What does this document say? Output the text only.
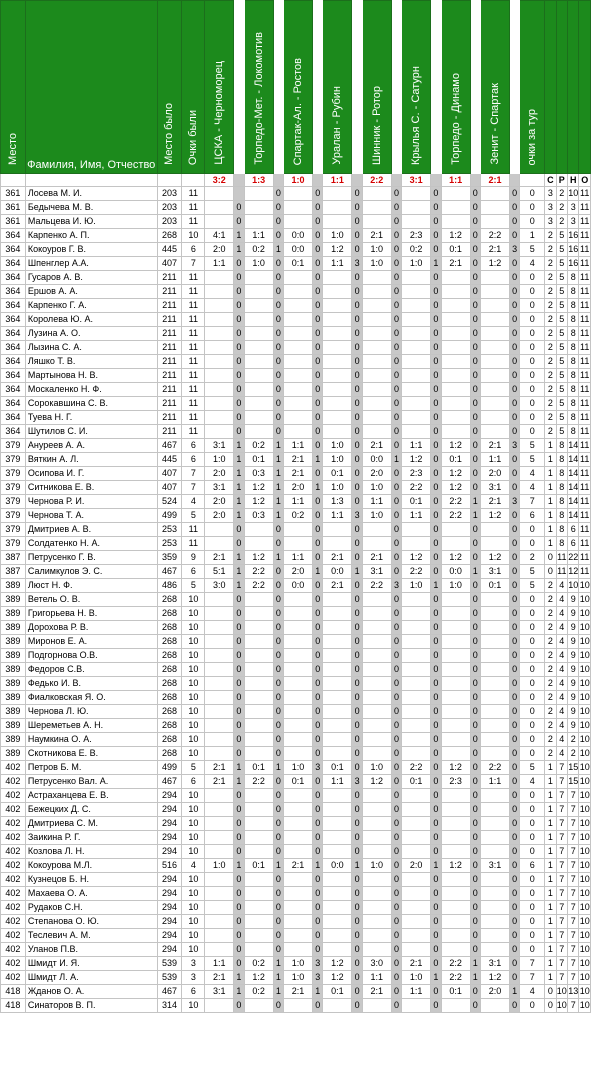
Место	Фамилия, Имя, Отчество	Место было	Очки были	ЦСКА - Черноморец		Торпедо-Мет. - Локомотив		Спартак-Ал. - Ростов		Уралан - Рубин		Шинник - Ротор		Крылья С. - Сатурн		Торпедо - Динамо		Зенит - Спартак		очки за тур				
				3:2		1:3		1:0		1:1		2:2		3:1		1:1		2:1			С	Р	Н	О
361	Лосева М. И.	203	11				0		0		0		0		0		0		0	0	3	2	10	11
361	Бедычева М. В.	203	11		0		0		0		0		0		0		0		0	0	3	2	3	11
361	Мальцева И. Ю.	203	11		0		0		0		0		0		0		0		0	0	3	2	3	11
364	Карпенко А. П.	268	10	4:1	1	1:1	0	0:0	0	1:0	0	2:1	0	2:3	0	1:2	0	2:2	0	1	2	5	16	11
364	Кокоуров Г. В.	445	6	2:0	1	0:2	1	0:0	0	1:2	0	1:0	0	0:2	0	0:1	0	2:1	3	5	2	5	16	11
364	Шпенглер А.А.	407	7	1:1	0	1:0	0	0:1	0	1:1	3	1:0	0	1:0	1	2:1	0	1:2	0	4	2	5	16	11
364	Гусаров А. В.	211	11		0		0		0		0		0		0		0		0	0	2	5	8	11
364	Ершов А. А.	211	11		0		0		0		0		0		0		0		0	0	2	5	8	11
364	Карпенко Г. А.	211	11		0		0		0		0		0		0		0		0	0	2	5	8	11
364	Королева Ю. А.	211	11		0		0		0		0		0		0		0		0	0	2	5	8	11
364	Лузина А. О.	211	11		0		0		0		0		0		0		0		0	0	2	5	8	11
364	Лызина С. А.	211	11		0		0		0		0		0		0		0		0	0	2	5	8	11
364	Ляшко Т. В.	211	11		0		0		0		0		0		0		0		0	0	2	5	8	11
364	Мартынова Н. В.	211	11		0		0		0		0		0		0		0		0	0	2	5	8	11
364	Москаленко Н. Ф.	211	11		0		0		0		0		0		0		0		0	0	2	5	8	11
364	Сорокавшина С. В.	211	11		0		0		0		0		0		0		0		0	0	2	5	8	11
364	Туева Н. Г.	211	11		0		0		0		0		0		0		0		0	0	2	5	8	11
364	Шутилов С. И.	211	11		0		0		0		0		0		0		0		0	0	2	5	8	11
379	Ануреев А. А.	467	6	3:1	1	0:2	1	1:1	0	1:0	0	2:1	0	1:1	0	1:2	0	2:1	3	5	1	8	14	11
379	Вяткин А. Л.	445	6	1:0	1	0:1	1	2:1	1	1:0	0	0:0	1	1:2	0	0:1	0	1:1	0	5	1	8	14	11
379	Осипова И. Г.	407	7	2:0	1	0:3	1	2:1	0	0:1	0	2:0	0	2:3	0	1:2	0	2:0	0	4	1	8	14	11
379	Ситникова Е. В.	407	7	3:1	1	1:2	1	2:0	1	1:0	0	1:0	0	2:2	0	1:2	0	3:1	0	4	1	8	14	11
379	Чернова Р. И.	524	4	2:0	1	1:2	1	1:1	0	1:3	0	1:1	0	0:1	0	2:2	1	2:1	3	7	1	8	14	11
379	Чернова Т. А.	499	5	2:0	1	0:3	1	0:2	0	1:1	3	1:0	0	1:1	0	2:2	1	1:2	0	6	1	8	14	11
379	Дмитриев А. В.	253	11		0		0		0		0		0		0		0		0	0	1	8	6	11
379	Солдатенко Н. А.	253	11		0		0		0		0		0		0		0		0	0	1	8	6	11
387	Петрусенко Г. В.	359	9	2:1	1	1:2	1	1:1	0	2:1	0	2:1	0	1:2	0	1:2	0	1:2	0	2	0	11	22	11
387	Салимкулов Э. С.	467	6	5:1	1	2:2	0	2:0	1	0:0	1	3:1	0	2:2	0	0:0	1	3:1	0	5	0	11	12	11
389	Люст Н. Ф.	486	5	3:0	1	2:2	0	0:0	0	2:1	0	2:2	3	1:0	1	1:0	0	0:1	0	5	2	4	10	10
389	Ветель О. В.	268	10		0		0		0		0		0		0		0		0	0	2	4	9	10
389	Григорьева Н. В.	268	10		0		0		0		0		0		0		0		0	0	2	4	9	10
389	Дорохова Р. В.	268	10		0		0		0		0		0		0		0		0	0	2	4	9	10
389	Миронов Е. А.	268	10		0		0		0		0		0		0		0		0	0	2	4	9	10
389	Подгорнова О.В.	268	10		0		0		0		0		0		0		0		0	0	2	4	9	10
389	Федоров С.В.	268	10		0		0		0		0		0		0		0		0	0	2	4	9	10
389	Федько И. В.	268	10		0		0		0		0		0		0		0		0	0	2	4	9	10
389	Фиалковская Я. О.	268	10		0		0		0		0		0		0		0		0	0	2	4	9	10
389	Чернова Л. Ю.	268	10		0		0		0		0		0		0		0		0	0	2	4	9	10
389	Шереметьев А. Н.	268	10		0		0		0		0		0		0		0		0	0	2	4	9	10
389	Наумкина О. А.	268	10		0		0		0		0		0		0		0		0	0	2	4	2	10
389	Скотникова Е. В.	268	10		0		0		0		0		0		0		0		0	0	2	4	2	10
402	Петров Б. М.	499	5	2:1	1	0:1	1	1:0	3	0:1	0	1:0	0	2:2	0	1:2	0	2:2	0	5	1	7	15	10
402	Петрусенко Вал. А.	467	6	2:1	1	2:2	0	0:1	0	1:1	3	1:2	0	0:1	0	2:3	0	1:1	0	4	1	7	15	10
402	Астраханцева Е. В.	294	10		0		0		0		0		0		0		0		0	0	1	7	7	10
402	Бежецких Д. С.	294	10		0		0		0		0		0		0		0		0	0	1	7	7	10
402	Дмитриева С. М.	294	10		0		0		0		0		0		0		0		0	0	1	7	7	10
402	Заикина Р. Г.	294	10		0		0		0		0		0		0		0		0	0	1	7	7	10
402	Козлова Л. Н.	294	10		0		0		0		0		0		0		0		0	0	1	7	7	10
402	Кокоурова М.Л.	516	4	1:0	1	0:1	1	2:1	1	0:0	1	1:0	0	2:0	1	1:2	0	3:1	0	6	1	7	7	10
402	Кузнецов Б. Н.	294	10		0		0		0		0		0		0		0		0	0	1	7	7	10
402	Махаева О. А.	294	10		0		0		0		0		0		0		0		0	0	1	7	7	10
402	Рудаков С.Н.	294	10		0		0		0		0		0		0		0		0	0	1	7	7	10
402	Степанова О. Ю.	294	10		0		0		0		0		0		0		0		0	0	1	7	7	10
402	Теслевич А. М.	294	10		0		0		0		0		0		0		0		0	0	1	7	7	10
402	Уланов П.В.	294	10		0		0		0		0		0		0		0		0	0	1	7	7	10
402	Шмидт И. Я.	539	3	1:1	0	0:2	1	1:0	3	1:2	0	3:0	0	2:1	0	2:2	1	3:1	0	7	1	7	7	10
402	Шмидт Л. А.	539	3	2:1	1	1:2	1	1:0	3	1:2	0	1:1	0	1:0	1	2:2	1	1:2	0	7	1	7	7	10
418	Жданов О. А.	467	6	3:1	1	0:2	1	2:1	1	0:1	0	2:1	0	1:1	0	0:1	0	2:0	1	4	0	10	13	10
418	Синаторов В. П.	314	10		0		0		0		0		0		0		0		0	0	0	10	7	10
